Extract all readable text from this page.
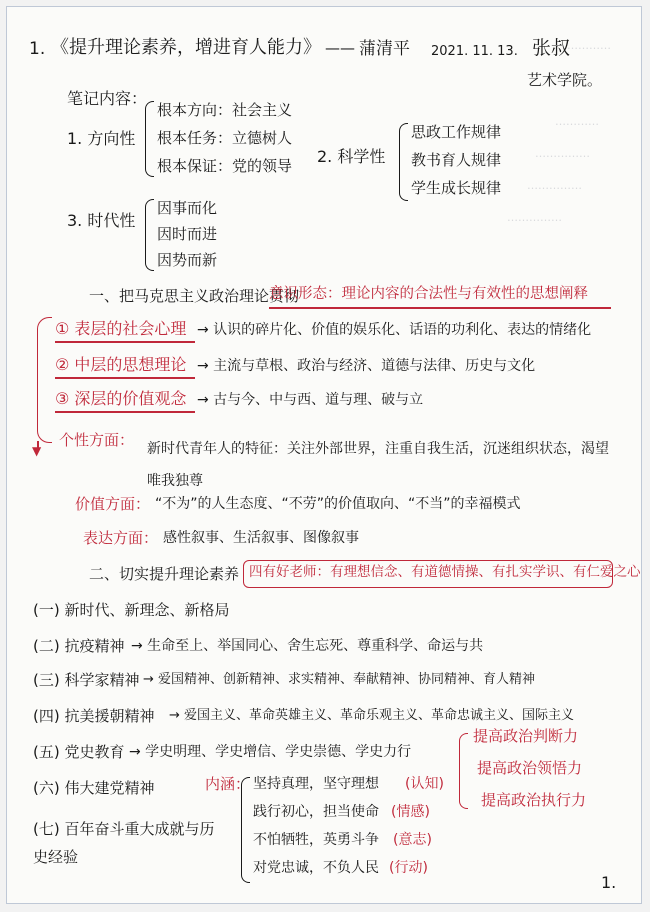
…………
…………
……………
……………
……………
1. 《提升理论素养，增进育人能力》 —— 蒲清平 2021. 11. 13. 张叔
艺术学院。
笔记内容：
1. 方向性
根本方向：社会主义
根本任务：立德树人
根本保证：党的领导 2. 科学性
思政工作规律
教书育人规律
学生成长规律
3. 时代性
因事而化
因时而进
因势而新
一、把马克思主义政治理论贯彻
意识形态：理论内容的合法性与有效性的思想阐释
① 表层的社会心理 → 认识的碎片化、价值的娱乐化、话语的功利化、表达的情绪化
② 中层的思想理论 → 主流与草根、政治与经济、道德与法律、历史与文化
③ 深层的价值观念 → 古与今、中与西、道与理、破与立
▼
个性方面： 新时代青年人的特征：关注外部世界，注重自我生活，沉迷组织状态，渴望唯我独尊
价值方面： “不为”的人生态度、“不劳”的价值取向、“不当”的幸福模式
表达方面： 感性叙事、生活叙事、图像叙事
二、切实提升理论素养 四有好老师：有理想信念、有道德情操、有扎实学识、有仁爱之心
(一) 新时代、新理念、新格局
(二) 抗疫精神 → 生命至上、举国同心、舍生忘死、尊重科学、命运与共
(三) 科学家精神 → 爱国精神、创新精神、求实精神、奉献精神、协同精神、育人精神
(四) 抗美援朝精神 → 爱国主义、革命英雄主义、革命乐观主义、革命忠诚主义、国际主义
(五) 党史教育 → 学史明理、学史增信、学史崇德、学史力行
提高政治判断力
提高政治领悟力
提高政治执行力
(六) 伟大建党精神	内涵： 坚持真理，坚守理想 (认知)
践行初心，担当使命 (情感)
不怕牺牲，英勇斗争 (意志)
对党忠诚，不负人民 (行动)
(七) 百年奋斗重大成就与历史经验
1.
